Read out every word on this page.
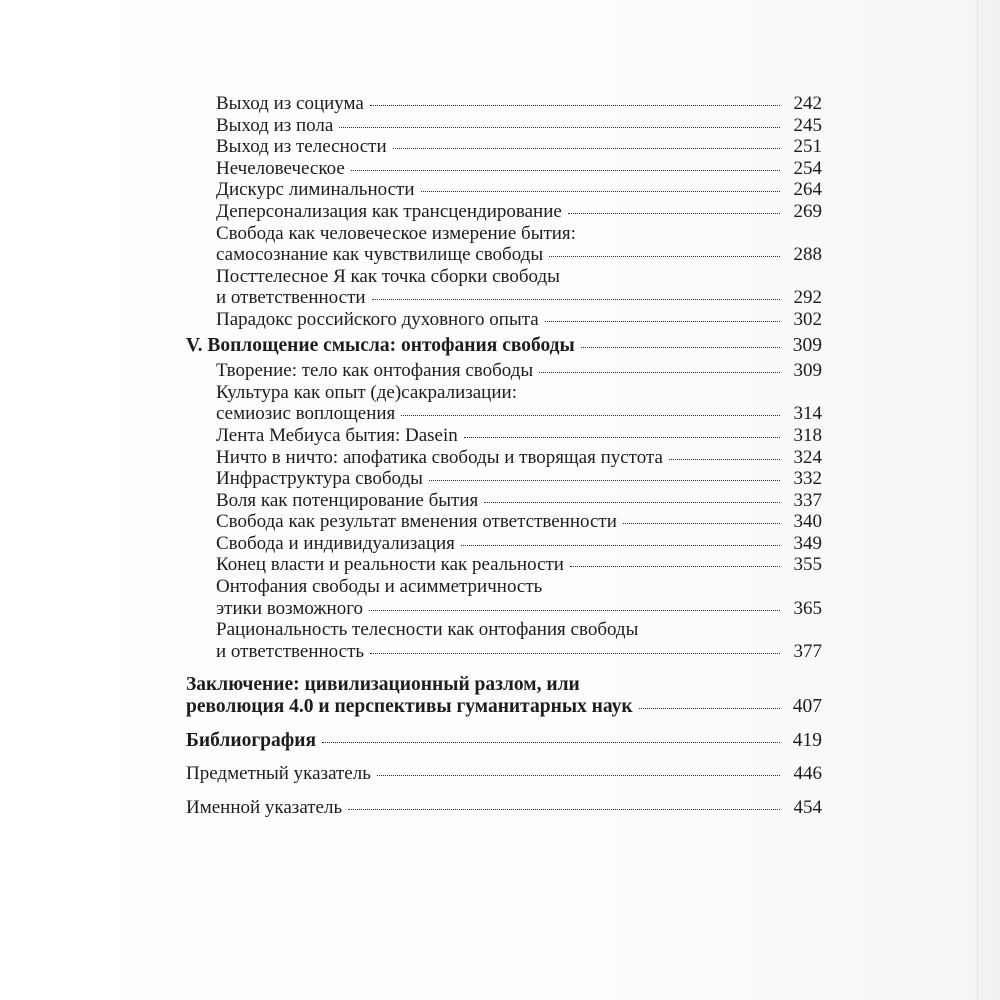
Выход из социума	242
Выход из пола	245
Выход из телесности	251
Нечеловеческое	254
Дискурс лиминальности	264
Деперсонализация как трансцендирование	269
Свобода как человеческое измерение бытия:
самосознание как чувствилище свободы	288
Посттелесное Я как точка сборки свободы
и ответственности	292
Парадокс российского духовного опыта	302
V. Воплощение смысла: онтофания свободы	309
Творение: тело как онтофания свободы	309
Культура как опыт (де)сакрализации:
семиозис воплощения	314
Лента Мебиуса бытия: Dasein	318
Ничто в ничто: апофатика свободы и творящая пустота	324
Инфраструктура свободы	332
Воля как потенцирование бытия	337
Свобода как результат вменения ответственности	340
Свобода и индивидуализация	349
Конец власти и реальности как реальности	355
Онтофания свободы и асимметричность
этики возможного	365
Рациональность телесности как онтофания свободы
и ответственность	377
Заключение: цивилизационный разлом, или
революция 4.0 и перспективы гуманитарных наук	407
Библиография	419
Предметный указатель	446
Именной указатель	454
